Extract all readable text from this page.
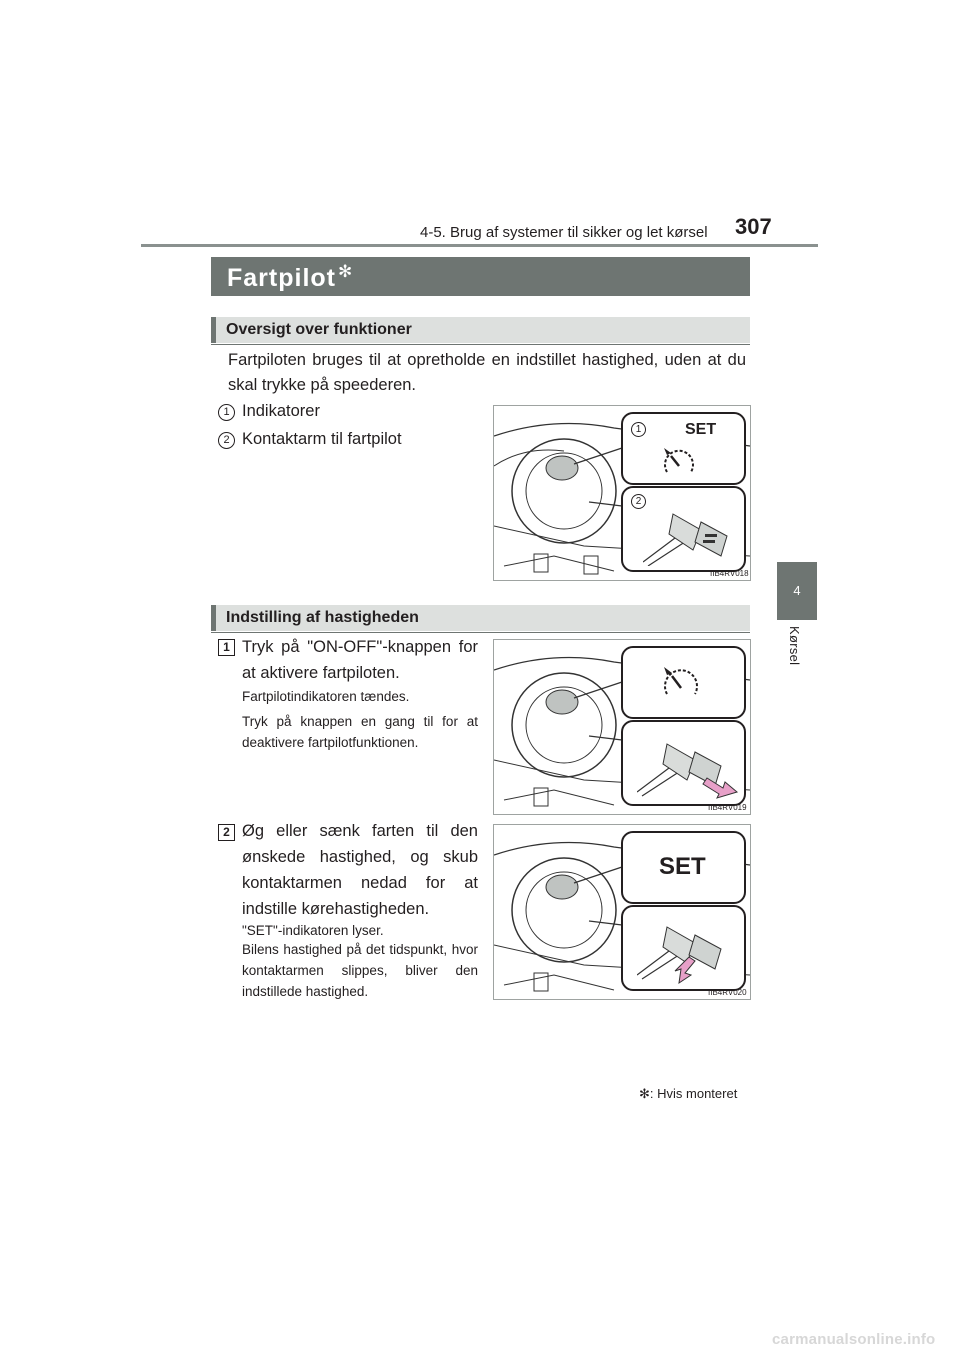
4-5. Brug af systemer til sikker og let kørsel 307
4
Kørsel
Fartpilot ✻
Oversigt over funktioner
Fartpiloten bruges til at opretholde en indstillet hastighed, uden at du skal trykke på speederen.
1 Indikatorer
2 Kontaktarm til fartpilot
1	SET
2
IIB4RV018
Indstilling af hastigheden
1 Tryk på "ON-OFF"-knappen for at aktivere fartpiloten.
Fartpilotindikatoren tændes.
Tryk på knappen en gang til for at deaktivere fartpilotfunktionen.
IIB4RV019
2 Øg eller sænk farten til den ønskede hastighed, og skub kontaktarmen nedad for at indstille kørehastigheden.
"SET"-indikatoren lyser.
Bilens hastighed på det tidspunkt, hvor kontaktarmen slippes, bliver den indstillede hastighed.
SET
IIB4RV020
✻: Hvis monteret
carmanualsonline.info
